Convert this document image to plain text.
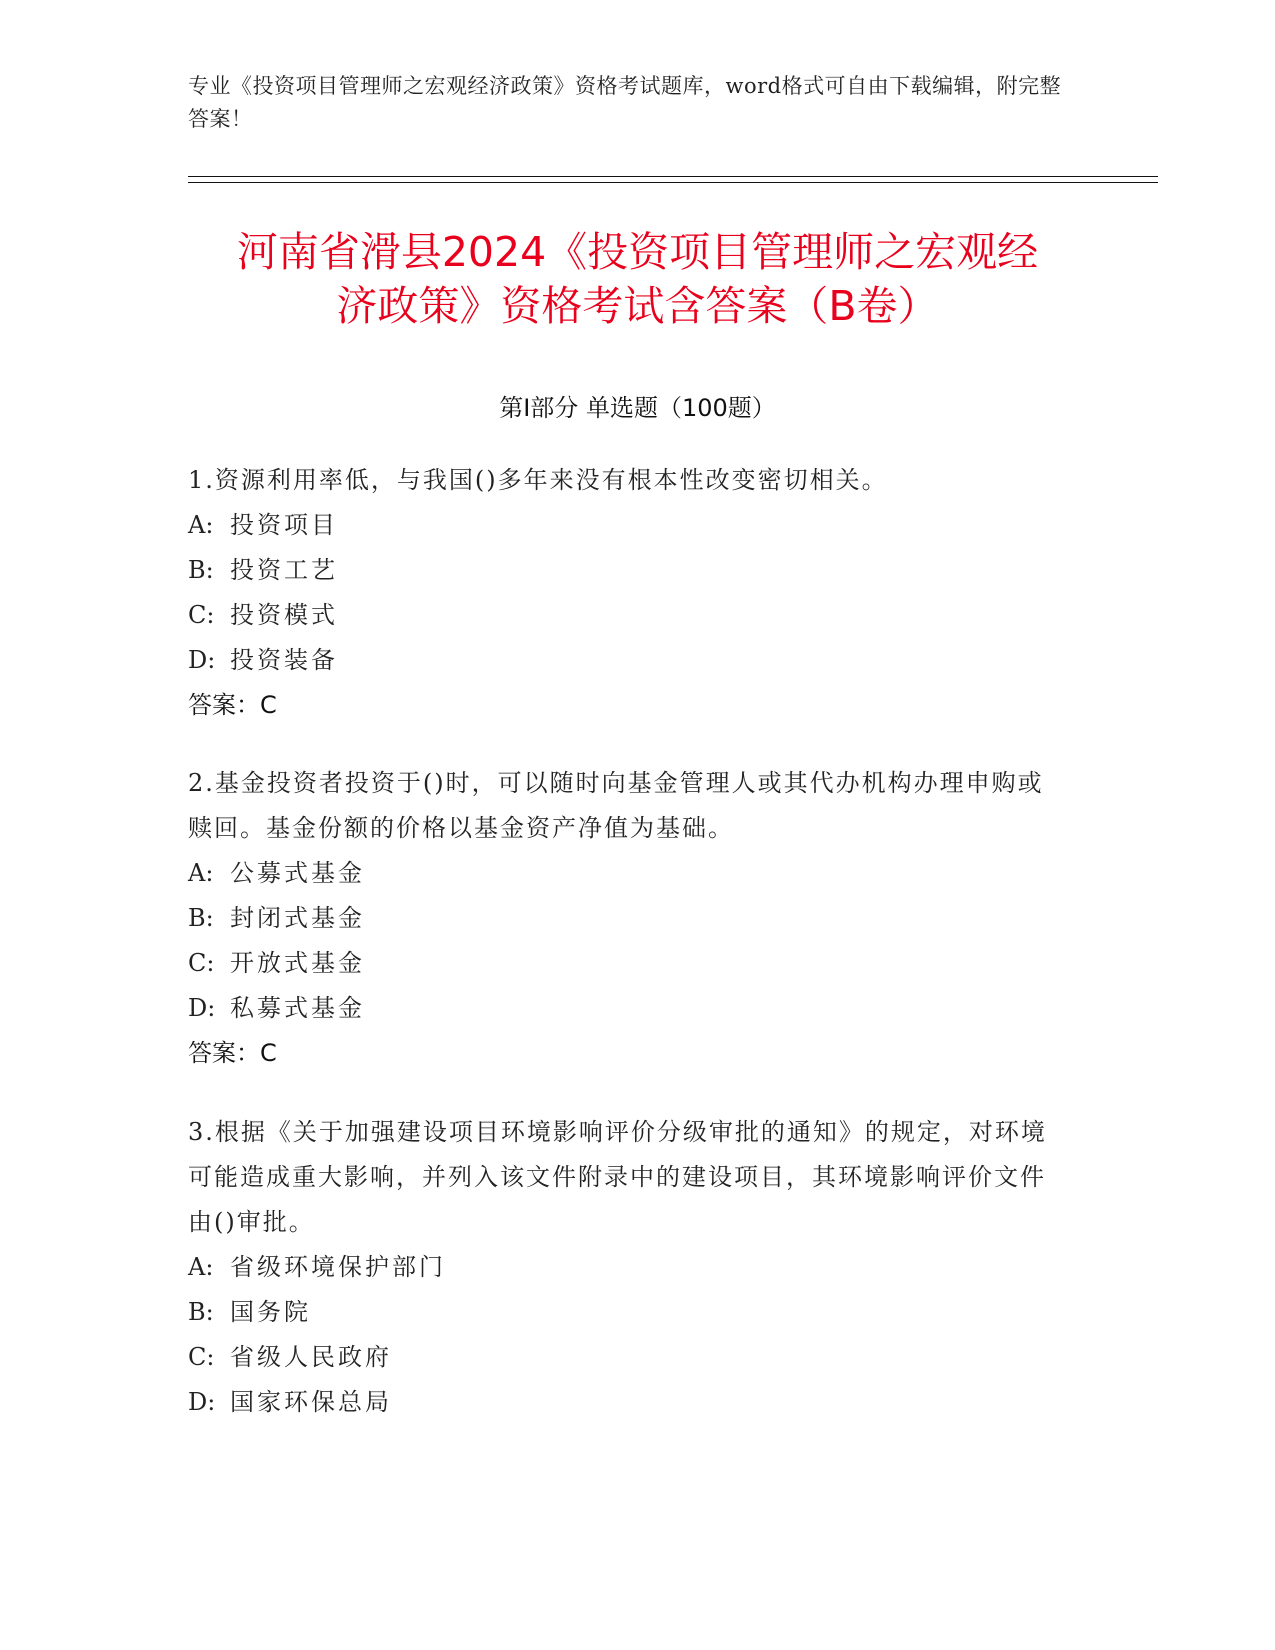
专业《投资项目管理师之宏观经济政策》资格考试题库，word格式可自由下载编辑，附完整答案！
河南省滑县2024《投资项目管理师之宏观经
济政策》资格考试含答案（B卷）
第I部分 单选题（100题）
1.资源利用率低，与我国()多年来没有根本性改变密切相关。
A: 投资项目
B: 投资工艺
C: 投资模式
D: 投资装备
答案：C
2.基金投资者投资于()时，可以随时向基金管理人或其代办机构办理申购或赎回。基金份额的价格以基金资产净值为基础。
A: 公募式基金
B: 封闭式基金
C: 开放式基金
D: 私募式基金
答案：C
3.根据《关于加强建设项目环境影响评价分级审批的通知》的规定，对环境可能造成重大影响，并列入该文件附录中的建设项目，其环境影响评价文件由()审批。
A: 省级环境保护部门
B: 国务院
C: 省级人民政府
D: 国家环保总局
